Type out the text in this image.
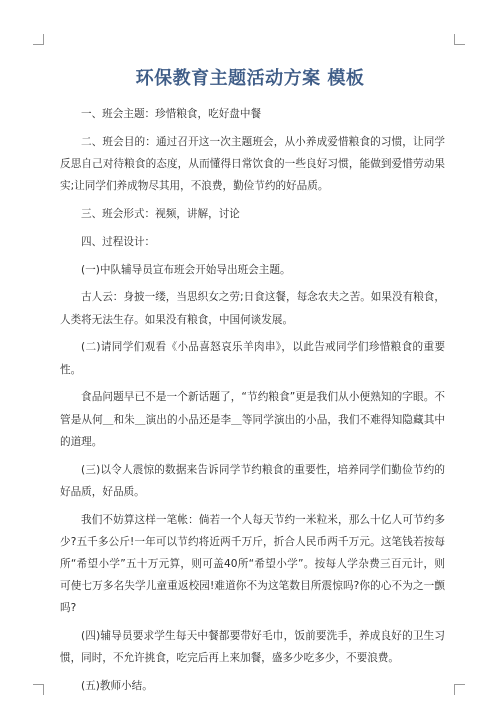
环保教育主题活动方案 模板

一、班会主题：珍惜粮食，吃好盘中餐

二、班会目的：通过召开这一次主题班会，从小养成爱惜粮食的习惯，让同学反思自己对待粮食的态度，从而懂得日常饮食的一些良好习惯，能做到爱惜劳动果实;让同学们养成物尽其用，不浪费，勤俭节约的好品质。

三、班会形式：视频，讲解，讨论

四、过程设计：

(一)中队辅导员宣布班会开始导出班会主题。

古人云：身披一缕，当思织女之劳;日食这餐，每念农夫之苦。如果没有粮食，人类将无法生存。如果没有粮食，中国何谈发展。

(二)请同学们观看《小品喜怒哀乐羊肉串》，以此告戒同学们珍惜粮食的重要性。

食品问题早已不是一个新话题了，“节约粮食”更是我们从小便熟知的字眼。不管是从何＿和朱＿演出的小品还是李＿等同学演出的小品，我们不难得知隐藏其中的道理。

(三)以令人震惊的数据来告诉同学节约粮食的重要性，培养同学们勤俭节约的好品质，好品质。

我们不妨算这样一笔帐：倘若一个人每天节约一米粒米，那么十亿人可节约多少?五千多公斤!一年可以节约将近两千万斤，折合人民币两千万元。这笔钱若按每所“希望小学”五十万元算，则可盖40所“希望小学”。按每人学杂费三百元计，则可使七万多名失学儿童重返校园!难道你不为这笔数目所震惊吗?你的心不为之一颤吗?

(四)辅导员要求学生每天中餐都要带好毛巾，饭前要洗手，养成良好的卫生习惯，同时，不允许挑食，吃完后再上来加餐，盛多少吃多少，不要浪费。

(五)教师小结。
